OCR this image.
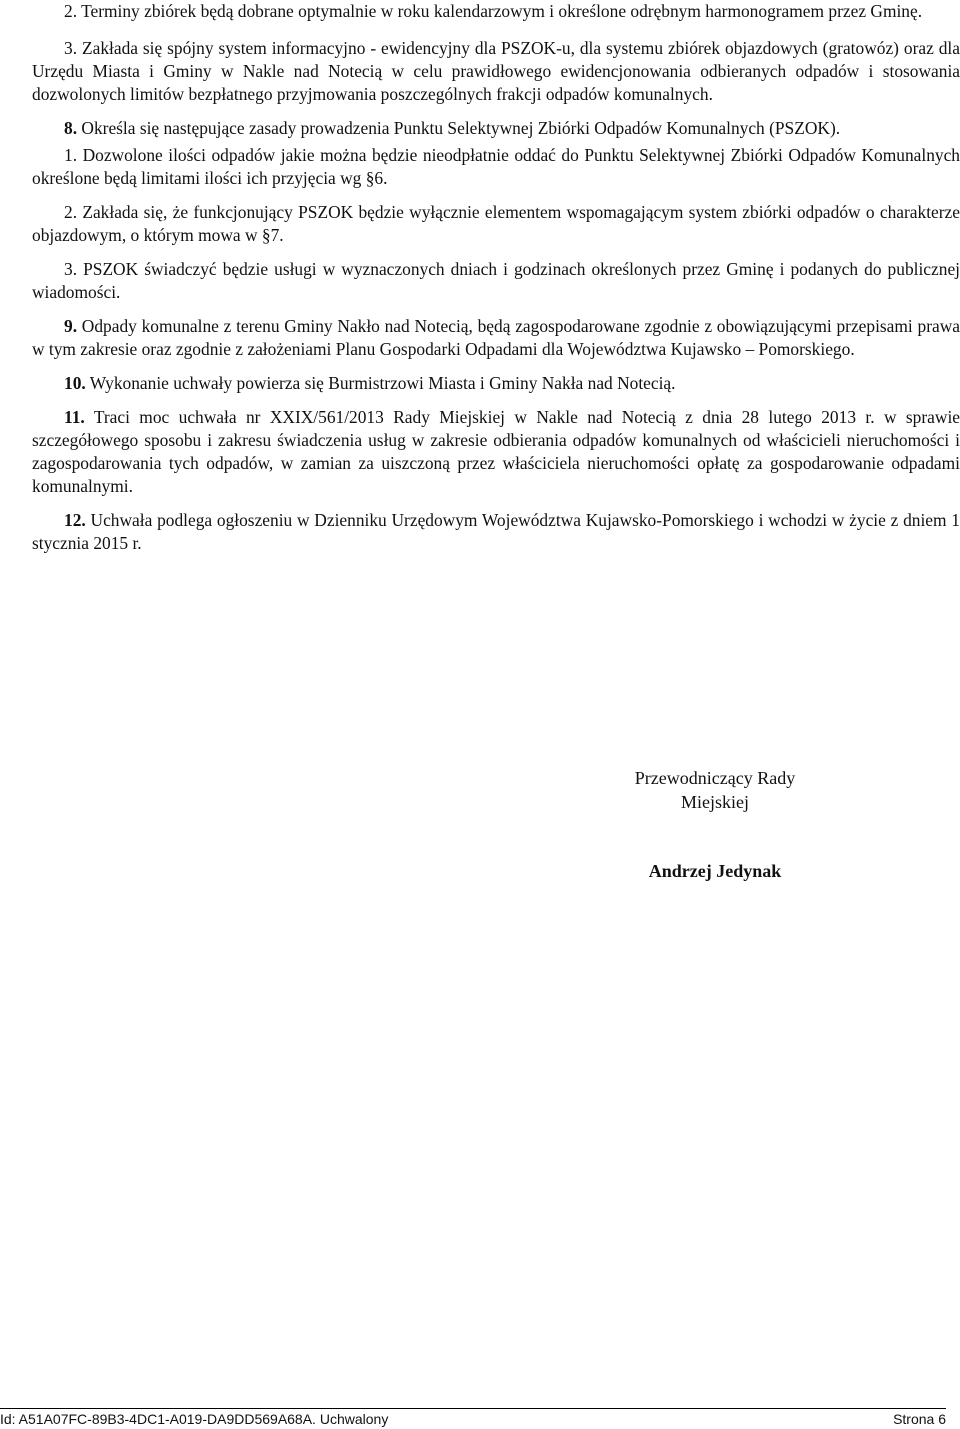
2. Terminy zbiórek będą dobrane optymalnie w roku kalendarzowym i określone odrębnym harmonogramem przez Gminę.

3. Zakłada się spójny system informacyjno - ewidencyjny dla PSZOK-u, dla systemu zbiórek objazdowych (gratowóz) oraz dla Urzędu Miasta i Gminy w Nakle nad Notecią w celu prawidłowego ewidencjonowania odbieranych odpadów i stosowania dozwolonych limitów bezpłatnego przyjmowania poszczególnych frakcji odpadów komunalnych.

8. Określa się następujące zasady prowadzenia Punktu Selektywnej Zbiórki Odpadów Komunalnych (PSZOK).

1. Dozwolone ilości odpadów jakie można będzie nieodpłatnie oddać do Punktu Selektywnej Zbiórki Odpadów Komunalnych określone będą limitami ilości ich przyjęcia wg §6.

2. Zakłada się, że funkcjonujący PSZOK będzie wyłącznie elementem wspomagającym system zbiórki odpadów o charakterze objazdowym, o którym mowa w §7.

3. PSZOK świadczyć będzie usługi w wyznaczonych dniach i godzinach określonych przez Gminę i podanych do publicznej wiadomości.

9. Odpady komunalne z terenu Gminy Nakło nad Notecią, będą zagospodarowane zgodnie z obowiązującymi przepisami prawa w tym zakresie oraz zgodnie z założeniami Planu Gospodarki Odpadami dla Województwa Kujawsko – Pomorskiego.

10. Wykonanie uchwały powierza się Burmistrzowi Miasta i Gminy Nakła nad Notecią.

11. Traci moc uchwała nr XXIX/561/2013 Rady Miejskiej w Nakle nad Notecią z dnia 28 lutego 2013 r. w sprawie szczegółowego sposobu i zakresu świadczenia usług w zakresie odbierania odpadów komunalnych od właścicieli nieruchomości i zagospodarowania tych odpadów, w zamian za uiszczoną przez właściciela nieruchomości opłatę za gospodarowanie odpadami komunalnymi.

12. Uchwała podlega ogłoszeniu w Dzienniku Urzędowym Województwa Kujawsko-Pomorskiego i wchodzi w życie z dniem 1 stycznia 2015 r.

Przewodniczący Rady
Miejskiej
Andrzej Jedynak
Id: A51A07FC-89B3-4DC1-A019-DA9DD569A68A. Uchwalony	Strona 6
